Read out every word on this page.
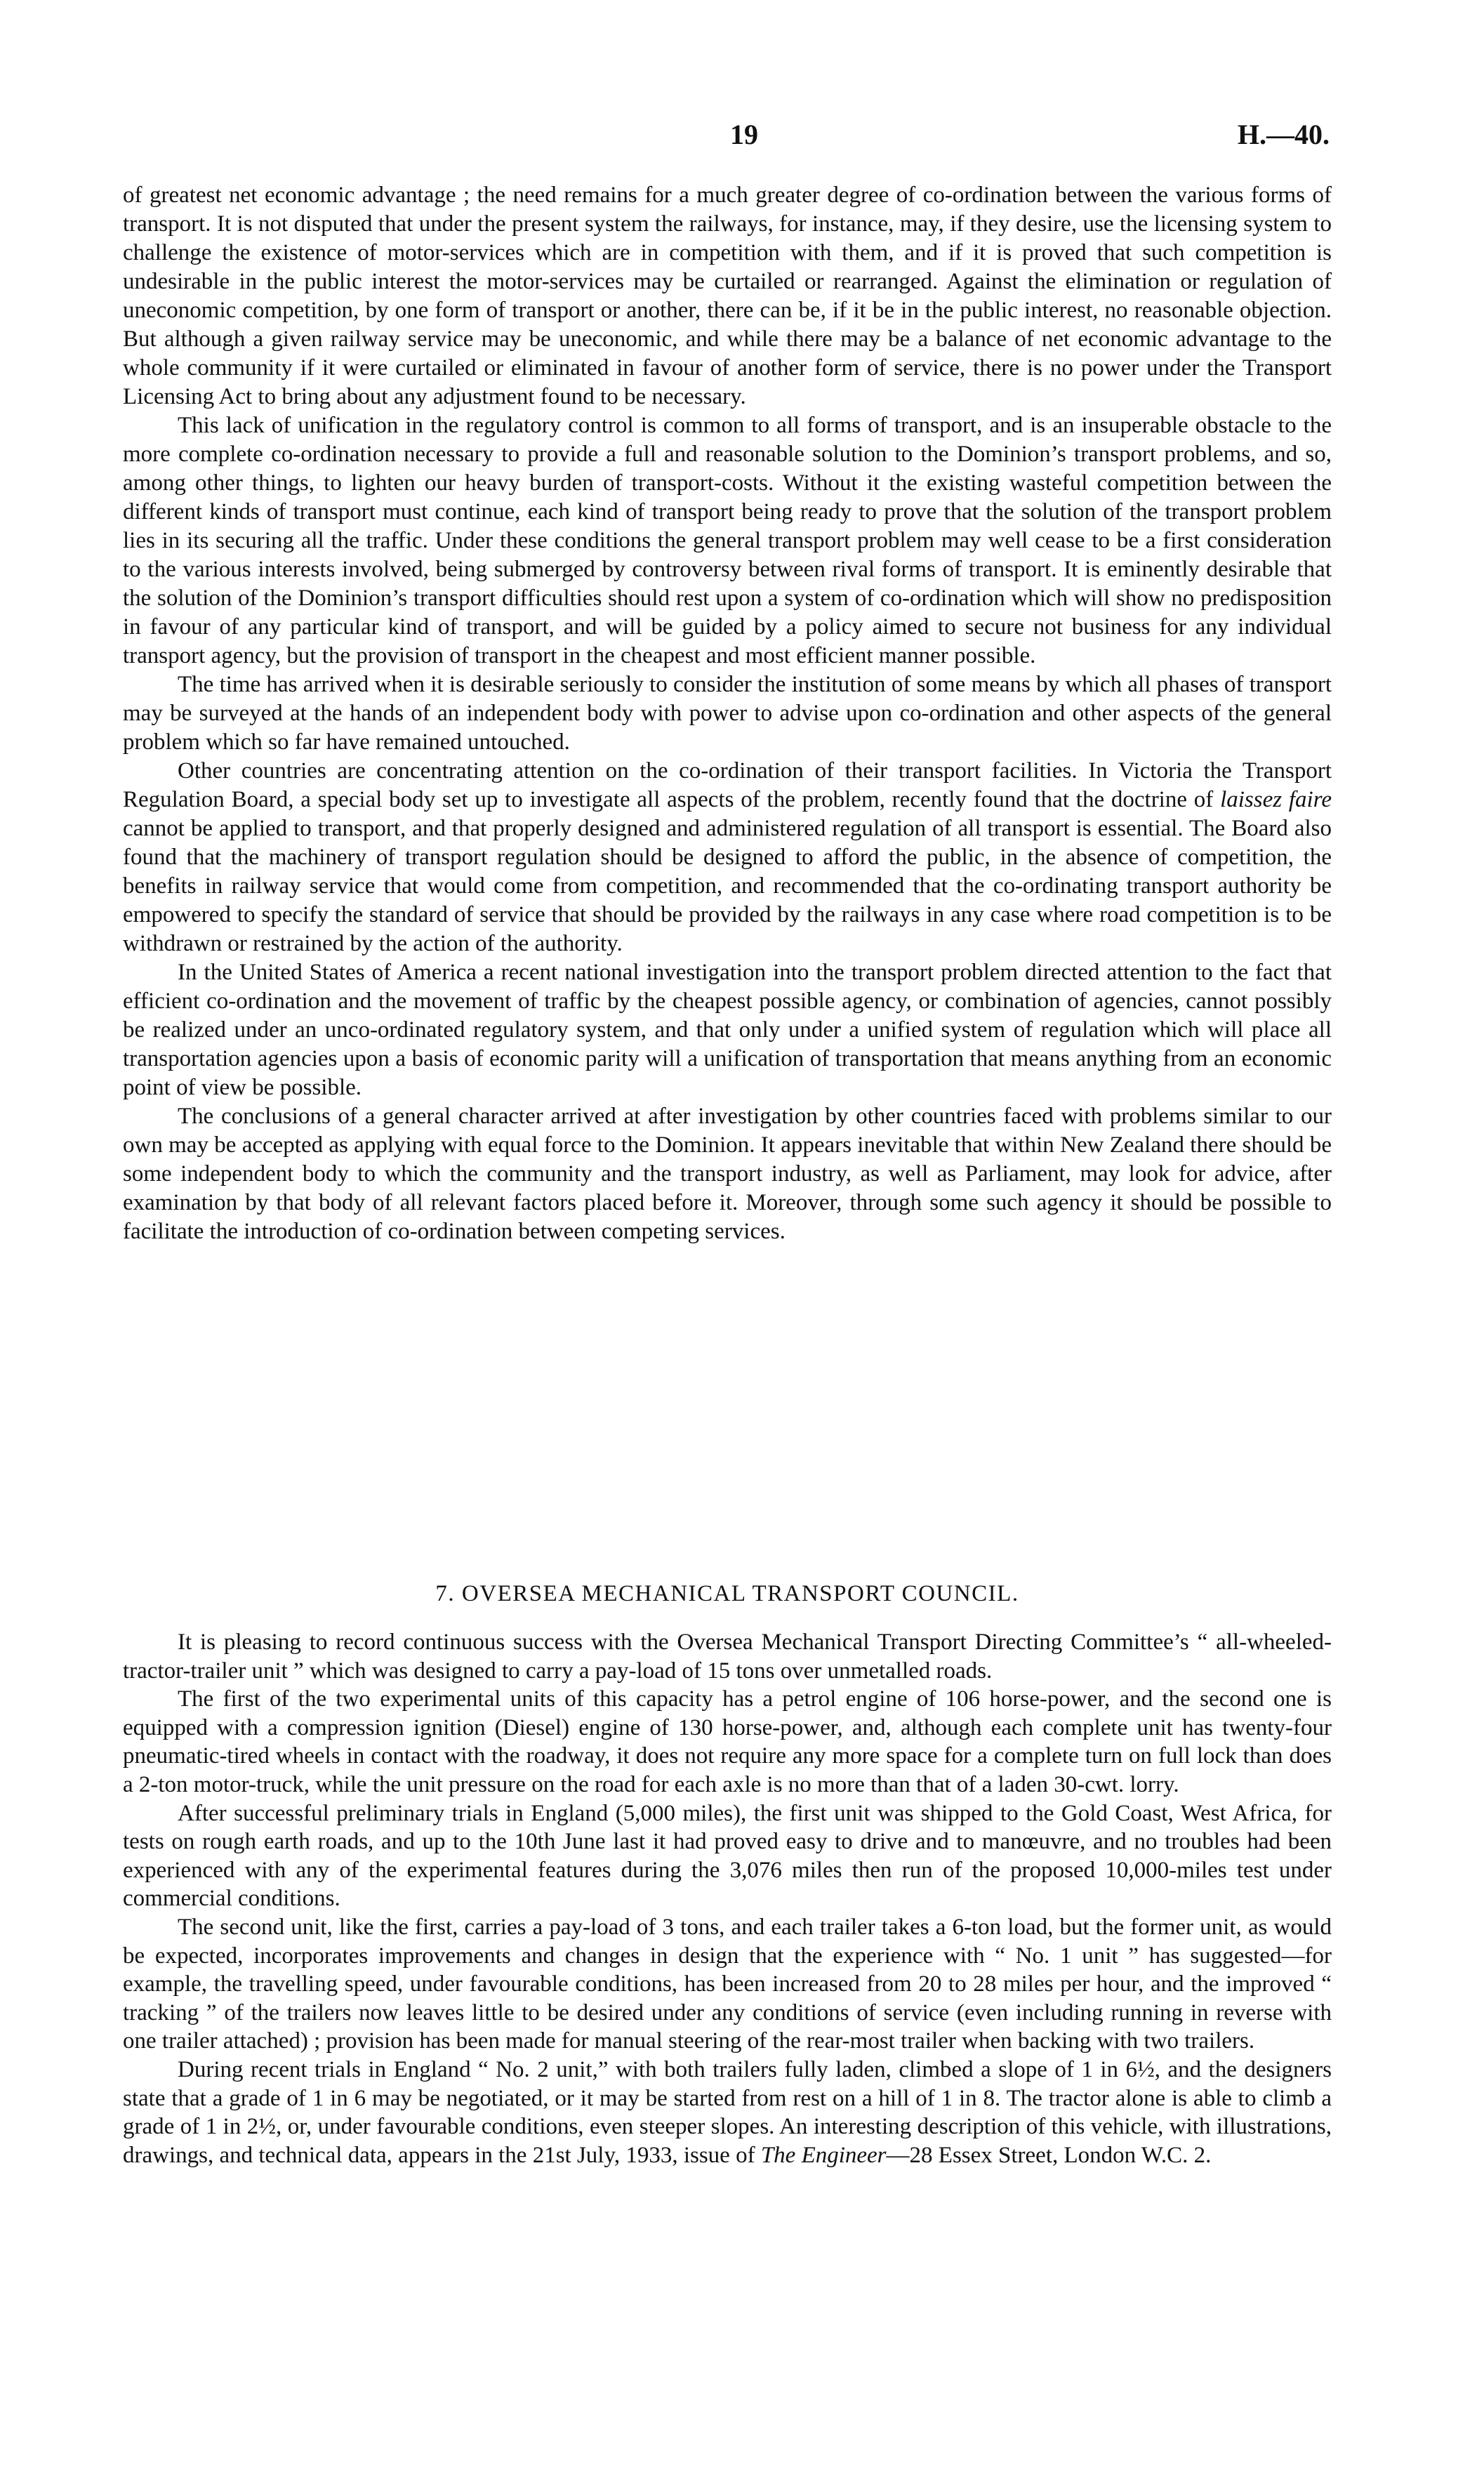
19	H.—40.

of greatest net economic advantage ; the need remains for a much greater degree of co-ordination between the various forms of transport. It is not disputed that under the present system the railways, for instance, may, if they desire, use the licensing system to challenge the existence of motor-services which are in competition with them, and if it is proved that such competition is undesirable in the public interest the motor-services may be curtailed or rearranged. Against the elimination or regulation of uneconomic competition, by one form of transport or another, there can be, if it be in the public interest, no reasonable objection. But although a given railway service may be uneconomic, and while there may be a balance of net economic advantage to the whole community if it were curtailed or eliminated in favour of another form of service, there is no power under the Transport Licensing Act to bring about any adjustment found to be necessary.

This lack of unification in the regulatory control is common to all forms of transport, and is an insuperable obstacle to the more complete co-ordination necessary to provide a full and reasonable solution to the Dominion’s transport problems, and so, among other things, to lighten our heavy burden of transport-costs. Without it the existing wasteful competition between the different kinds of transport must continue, each kind of transport being ready to prove that the solution of the transport problem lies in its securing all the traffic. Under these conditions the general transport problem may well cease to be a first consideration to the various interests involved, being submerged by controversy between rival forms of transport. It is eminently desirable that the solution of the Dominion’s transport difficulties should rest upon a system of co-ordination which will show no predisposition in favour of any particular kind of transport, and will be guided by a policy aimed to secure not business for any individual transport agency, but the provision of transport in the cheapest and most efficient manner possible.

The time has arrived when it is desirable seriously to consider the institution of some means by which all phases of transport may be surveyed at the hands of an independent body with power to advise upon co-ordination and other aspects of the general problem which so far have remained untouched.

Other countries are concentrating attention on the co-ordination of their transport facilities. In Victoria the Transport Regulation Board, a special body set up to investigate all aspects of the problem, recently found that the doctrine of laissez faire cannot be applied to transport, and that properly designed and administered regulation of all transport is essential. The Board also found that the machinery of transport regulation should be designed to afford the public, in the absence of competition, the benefits in railway service that would come from competition, and recommended that the co-ordinating transport authority be empowered to specify the standard of service that should be provided by the railways in any case where road competition is to be withdrawn or restrained by the action of the authority.

In the United States of America a recent national investigation into the transport problem directed attention to the fact that efficient co-ordination and the movement of traffic by the cheapest possible agency, or combination of agencies, cannot possibly be realized under an unco-ordinated regulatory system, and that only under a unified system of regulation which will place all transportation agencies upon a basis of economic parity will a unification of transportation that means anything from an economic point of view be possible.

The conclusions of a general character arrived at after investigation by other countries faced with problems similar to our own may be accepted as applying with equal force to the Dominion. It appears inevitable that within New Zealand there should be some independent body to which the community and the transport industry, as well as Parliament, may look for advice, after examination by that body of all relevant factors placed before it. Moreover, through some such agency it should be possible to facilitate the introduction of co-ordination between competing services.

7. OVERSEA MECHANICAL TRANSPORT COUNCIL.

It is pleasing to record continuous success with the Oversea Mechanical Transport Directing Committee’s “ all-wheeled-tractor-trailer unit ” which was designed to carry a pay-load of 15 tons over unmetalled roads.

The first of the two experimental units of this capacity has a petrol engine of 106 horse-power, and the second one is equipped with a compression ignition (Diesel) engine of 130 horse-power, and, although each complete unit has twenty-four pneumatic-tired wheels in contact with the roadway, it does not require any more space for a complete turn on full lock than does a 2-ton motor-truck, while the unit pressure on the road for each axle is no more than that of a laden 30-cwt. lorry.

After successful preliminary trials in England (5,000 miles), the first unit was shipped to the Gold Coast, West Africa, for tests on rough earth roads, and up to the 10th June last it had proved easy to drive and to manœuvre, and no troubles had been experienced with any of the experimental features during the 3,076 miles then run of the proposed 10,000-miles test under commercial conditions.

The second unit, like the first, carries a pay-load of 3 tons, and each trailer takes a 6-ton load, but the former unit, as would be expected, incorporates improvements and changes in design that the experience with “ No. 1 unit ” has suggested—for example, the travelling speed, under favourable conditions, has been increased from 20 to 28 miles per hour, and the improved “ tracking ” of the trailers now leaves little to be desired under any conditions of service (even including running in reverse with one trailer attached) ; provision has been made for manual steering of the rear-most trailer when backing with two trailers.

During recent trials in England “ No. 2 unit,” with both trailers fully laden, climbed a slope of 1 in 6½, and the designers state that a grade of 1 in 6 may be negotiated, or it may be started from rest on a hill of 1 in 8. The tractor alone is able to climb a grade of 1 in 2½, or, under favourable conditions, even steeper slopes. An interesting description of this vehicle, with illustrations, drawings, and technical data, appears in the 21st July, 1933, issue of The Engineer—28 Essex Street, London W.C. 2.
